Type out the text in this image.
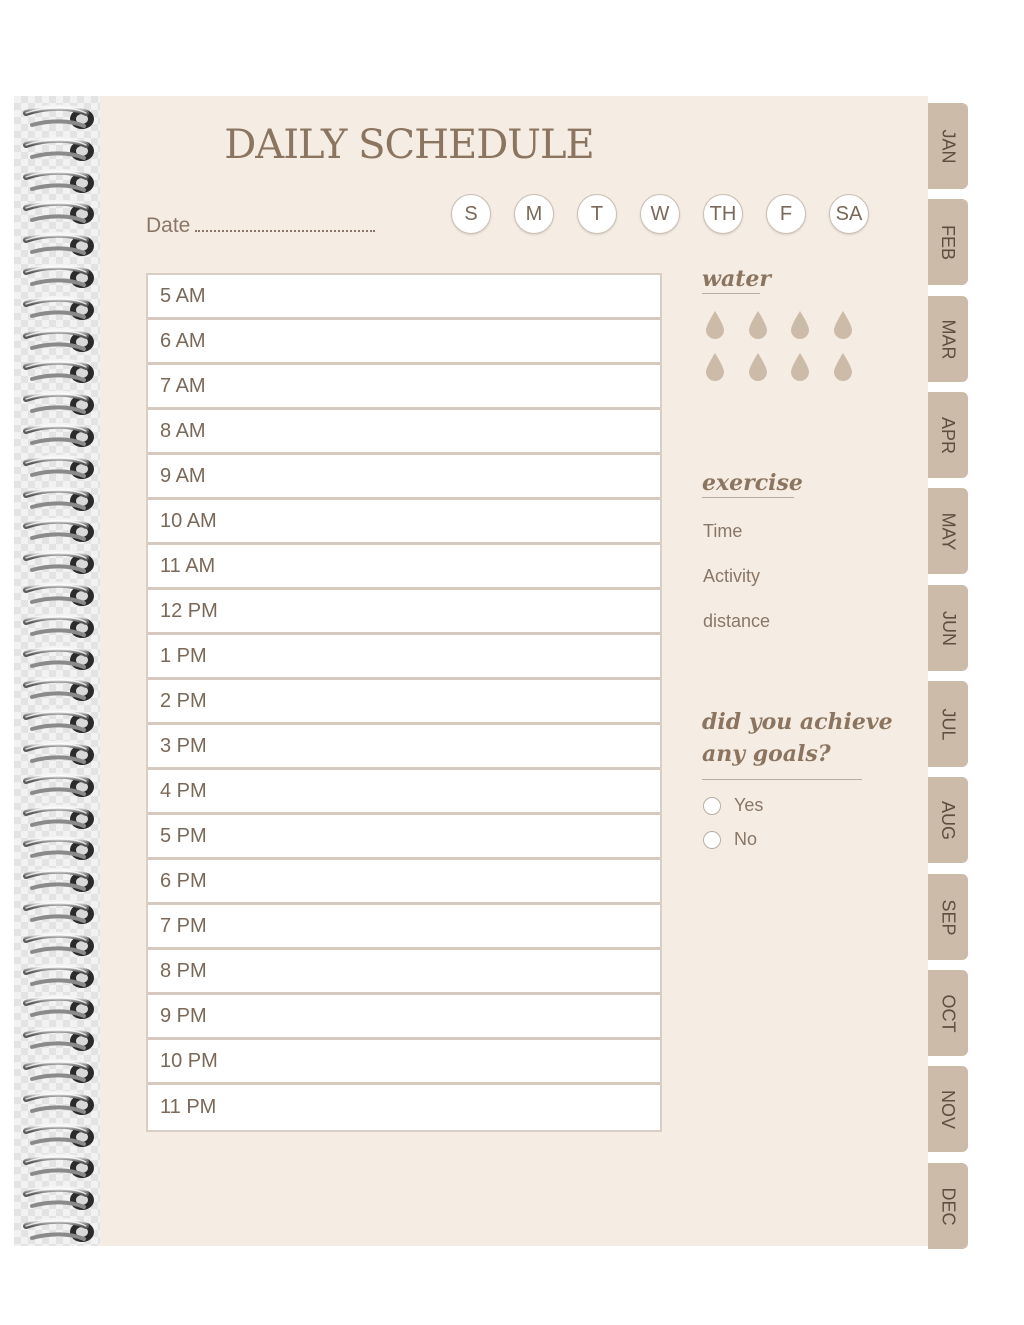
DAILY SCHEDULE
Date
S	M	T	W	TH	F	SA
5 AM
6 AM
7 AM
8 AM
9 AM
10 AM
11 AM
12 PM
1 PM
2 PM
3 PM
4 PM
5 PM
6 PM
7 PM
8 PM
9 PM
10 PM
11 PM
water
exercise
Time
Activity
distance
did you achieve
any goals?
Yes
No
JAN
FEB
MAR
APR
MAY
JUN
JUL
AUG
SEP
OCT
NOV
DEC
